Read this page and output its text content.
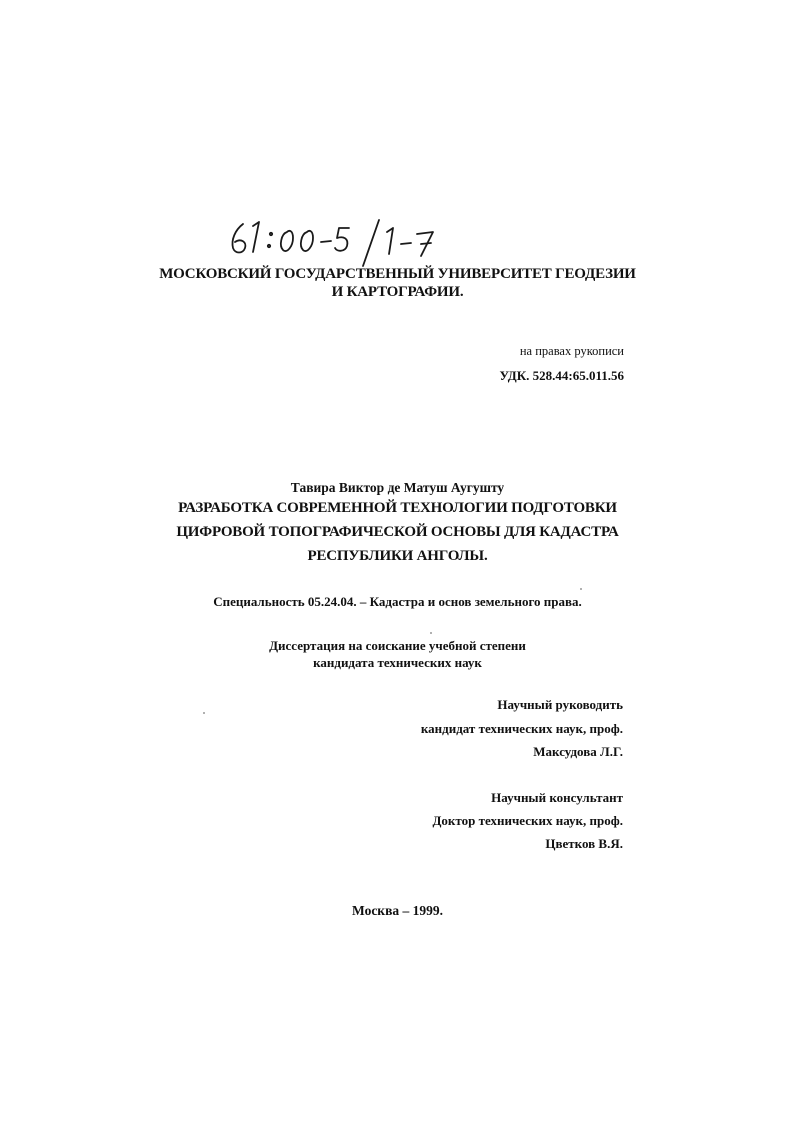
МОСКОВСКИЙ ГОСУДАРСТВЕННЫЙ УНИВЕРСИТЕТ ГЕОДЕЗИИ
И КАРТОГРАФИИ.
на правах рукописи
УДК. 528.44:65.011.56
Тавира Виктор де Матуш Аугушту
РАЗРАБОТКА СОВРЕМЕННОЙ ТЕХНОЛОГИИ ПОДГОТОВКИ
ЦИФРОВОЙ ТОПОГРАФИЧЕСКОЙ ОСНОВЫ ДЛЯ КАДАСТРА
РЕСПУБЛИКИ АНГОЛЫ.
Специальность 05.24.04. – Кадастра и основ земельного права.
Диссертация на соискание учебной степени
кандидата технических наук
Научный руководить
кандидат технических наук, проф.
Максудова Л.Г.
Научный консультант
Доктор технических наук, проф.
Цветков В.Я.
Москва – 1999.
